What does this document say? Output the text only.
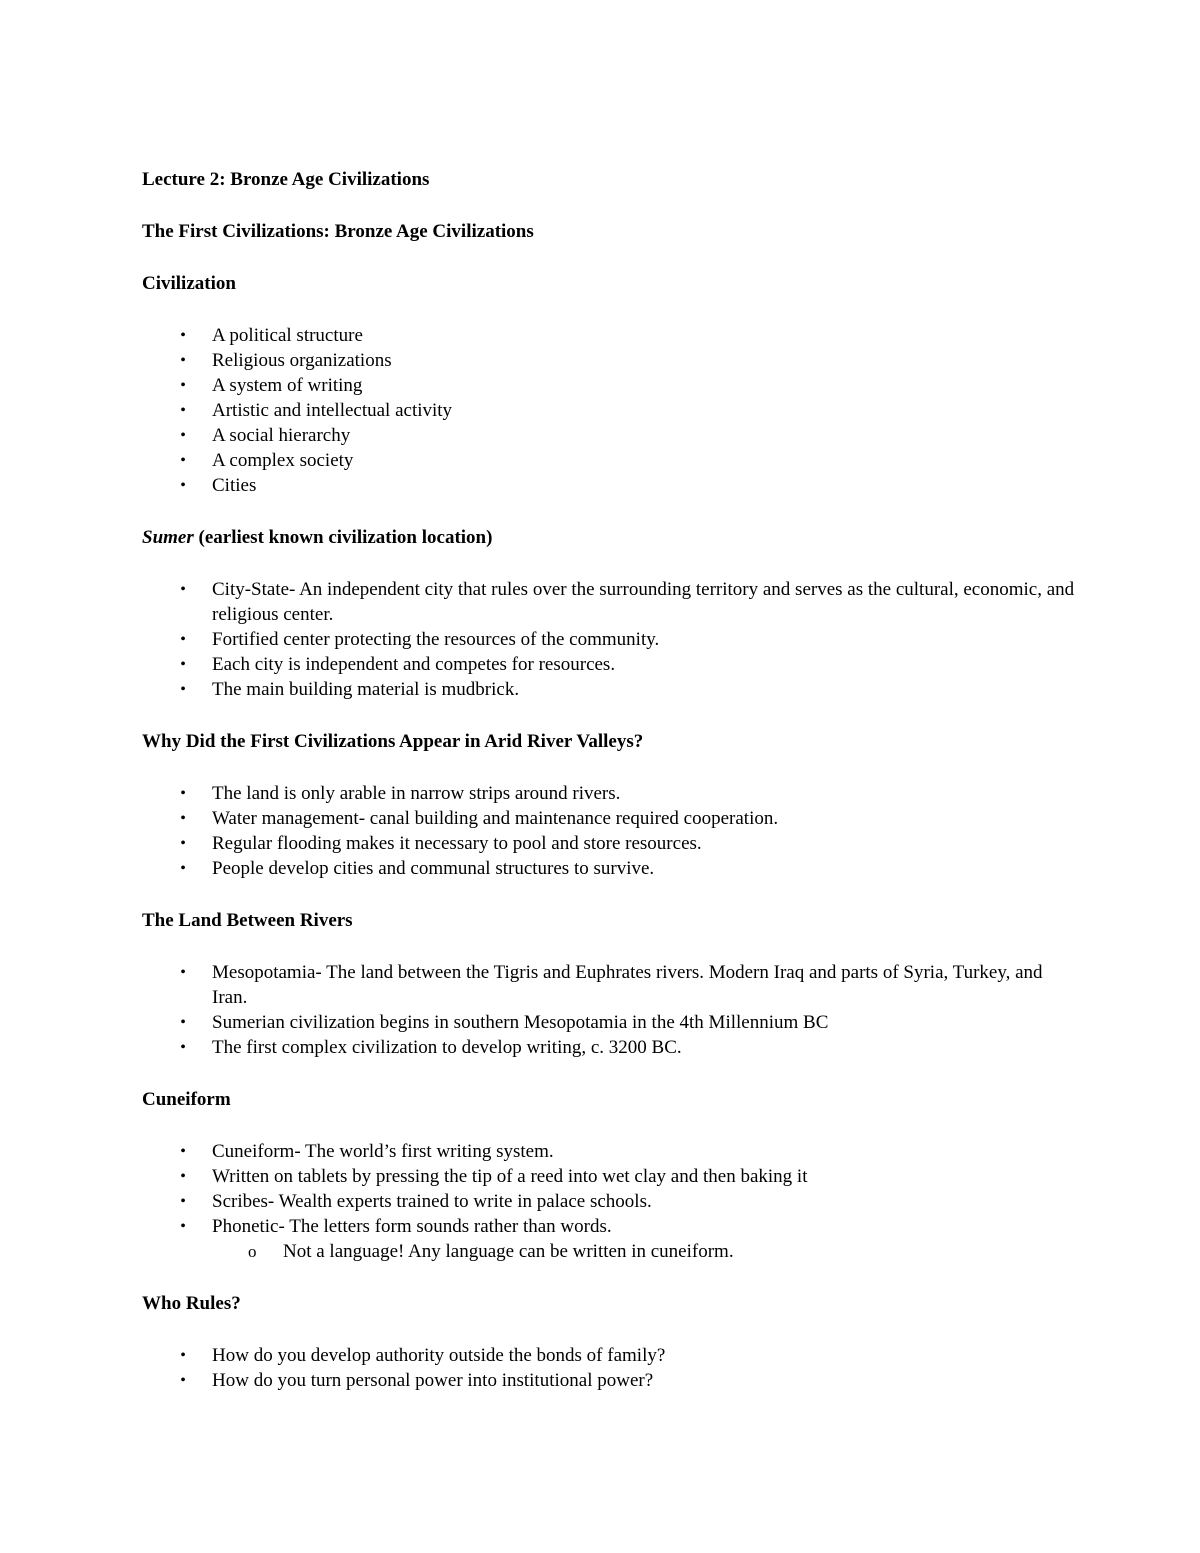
Lecture 2: Bronze Age Civilizations
The First Civilizations: Bronze Age Civilizations
Civilization
•	A political structure
•	Religious organizations
•	A system of writing
•	Artistic and intellectual activity
•	A social hierarchy
•	A complex society
•	Cities
Sumer (earliest known civilization location)
•	City-State- An independent city that rules over the surrounding territory and serves as the cultural, economic, and religious center.
•	Fortified center protecting the resources of the community.
•	Each city is independent and competes for resources.
•	The main building material is mudbrick.
Why Did the First Civilizations Appear in Arid River Valleys?
•	The land is only arable in narrow strips around rivers.
•	Water management- canal building and maintenance required cooperation.
•	Regular flooding makes it necessary to pool and store resources.
•	People develop cities and communal structures to survive.
The Land Between Rivers
•	Mesopotamia- The land between the Tigris and Euphrates rivers. Modern Iraq and parts of Syria, Turkey, and Iran.
•	Sumerian civilization begins in southern Mesopotamia in the 4th Millennium BC
•	The first complex civilization to develop writing, c. 3200 BC.
Cuneiform
•	Cuneiform- The world’s first writing system.
•	Written on tablets by pressing the tip of a reed into wet clay and then baking it
•	Scribes- Wealth experts trained to write in palace schools.
•	Phonetic- The letters form sounds rather than words.
o Not a language! Any language can be written in cuneiform.
Who Rules?
•	How do you develop authority outside the bonds of family?
•	How do you turn personal power into institutional power?
